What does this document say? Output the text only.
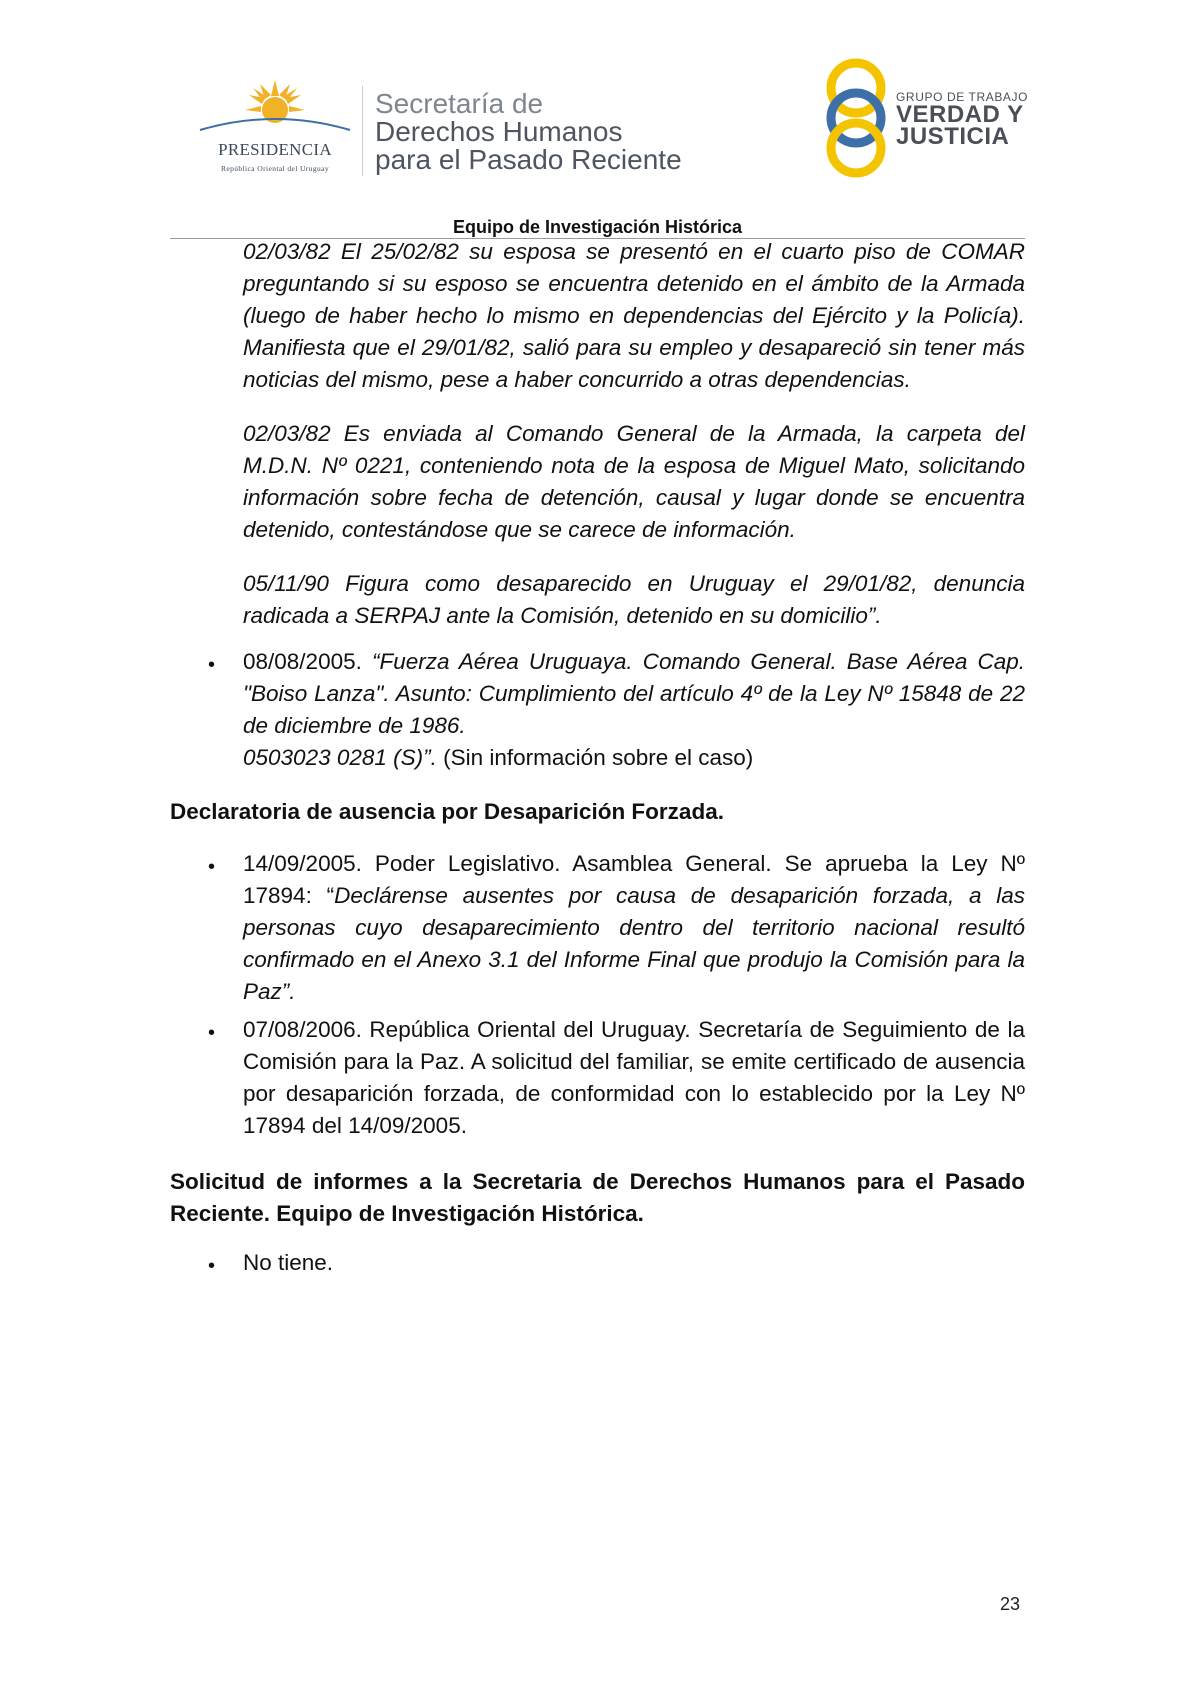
PRESIDENCIA
República Oriental del Uruguay
Secretaría de
Derechos Humanos
para el Pasado Reciente
GRUPO DE TRABAJO
VERDAD Y
JUSTICIA
Equipo de Investigación Histórica

02/03/82 El 25/02/82 su esposa se presentó en el cuarto piso de COMAR preguntando si su esposo se encuentra detenido en el ámbito de la Armada (luego de haber hecho lo mismo en dependencias del Ejército y la Policía). Manifiesta que el 29/01/82, salió para su empleo y desapareció sin tener más noticias del mismo, pese a haber concurrido a otras dependencias.

02/03/82 Es enviada al Comando General de la Armada, la carpeta del M.D.N. Nº 0221, conteniendo nota de la esposa de Miguel Mato, solicitando información sobre fecha de detención, causal y lugar donde se encuentra detenido, contestándose que se carece de información.

05/11/90 Figura como desaparecido en Uruguay el 29/01/82, denuncia radicada a SERPAJ ante la Comisión, detenido en su domicilio”.

• 08/08/2005. “Fuerza Aérea Uruguaya. Comando General. Base Aérea Cap. "Boiso Lanza". Asunto: Cumplimiento del artículo 4º de la Ley Nº 15848 de 22 de diciembre de 1986.

0503023 0281 (S)”. (Sin información sobre el caso)

Declaratoria de ausencia por Desaparición Forzada.

• 14/09/2005. Poder Legislativo. Asamblea General. Se aprueba la Ley Nº 17894: “Declárense ausentes por causa de desaparición forzada, a las personas cuyo desaparecimiento dentro del territorio nacional resultó confirmado en el Anexo 3.1 del Informe Final que produjo la Comisión para la Paz”.

• 07/08/2006. República Oriental del Uruguay. Secretaría de Seguimiento de la Comisión para la Paz. A solicitud del familiar, se emite certificado de ausencia por desaparición forzada, de conformidad con lo establecido por la Ley Nº 17894 del 14/09/2005.

Solicitud de informes a la Secretaria de Derechos Humanos para el Pasado Reciente. Equipo de Investigación Histórica.

• No tiene.

23
